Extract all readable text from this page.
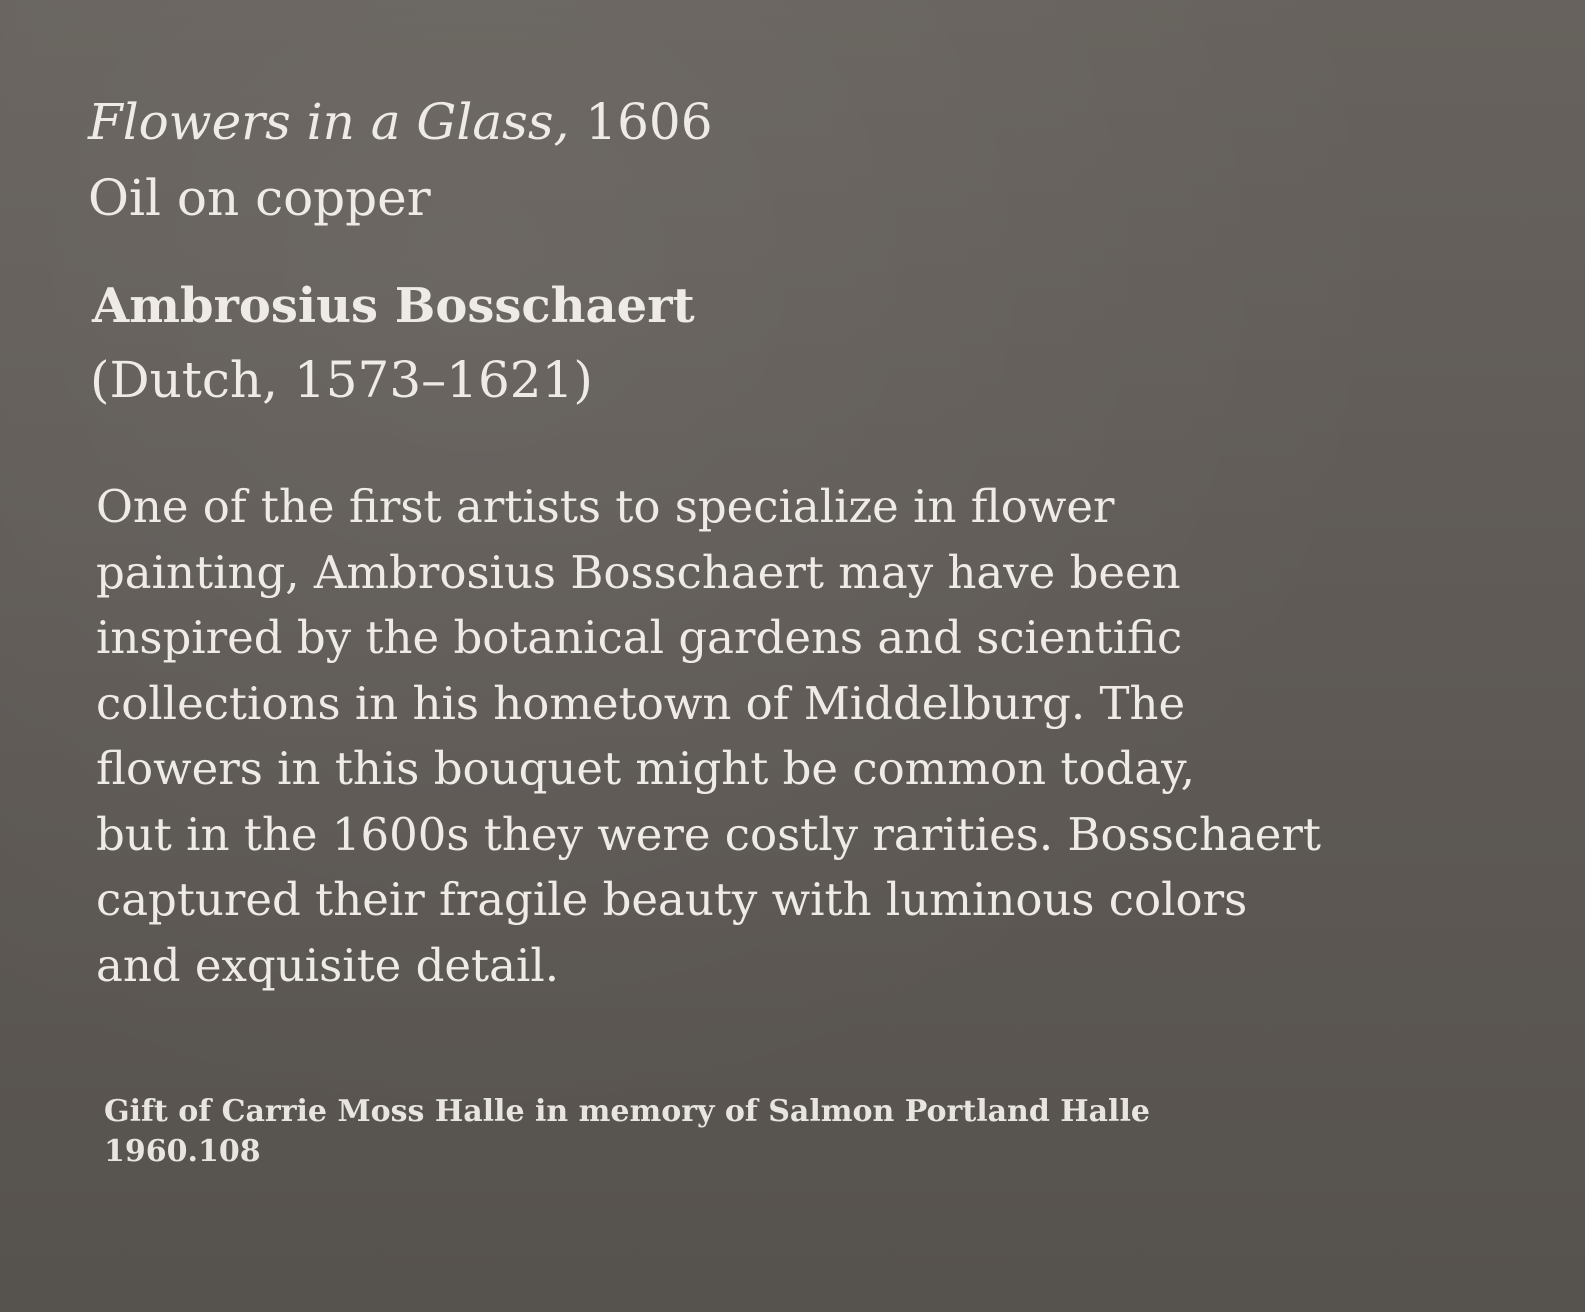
Flowers in a Glass, 1606

Oil on copper

Ambrosius Bosschaert

(Dutch, 1573–1621)

One of the first artists to specialize in flower
painting, Ambrosius Bosschaert may have been
inspired by the botanical gardens and scientific
collections in his hometown of Middelburg. The
flowers in this bouquet might be common today,
but in the 1600s they were costly rarities. Bosschaert
captured their fragile beauty with luminous colors
and exquisite detail.

Gift of Carrie Moss Halle in memory of Salmon Portland Halle
1960.108
